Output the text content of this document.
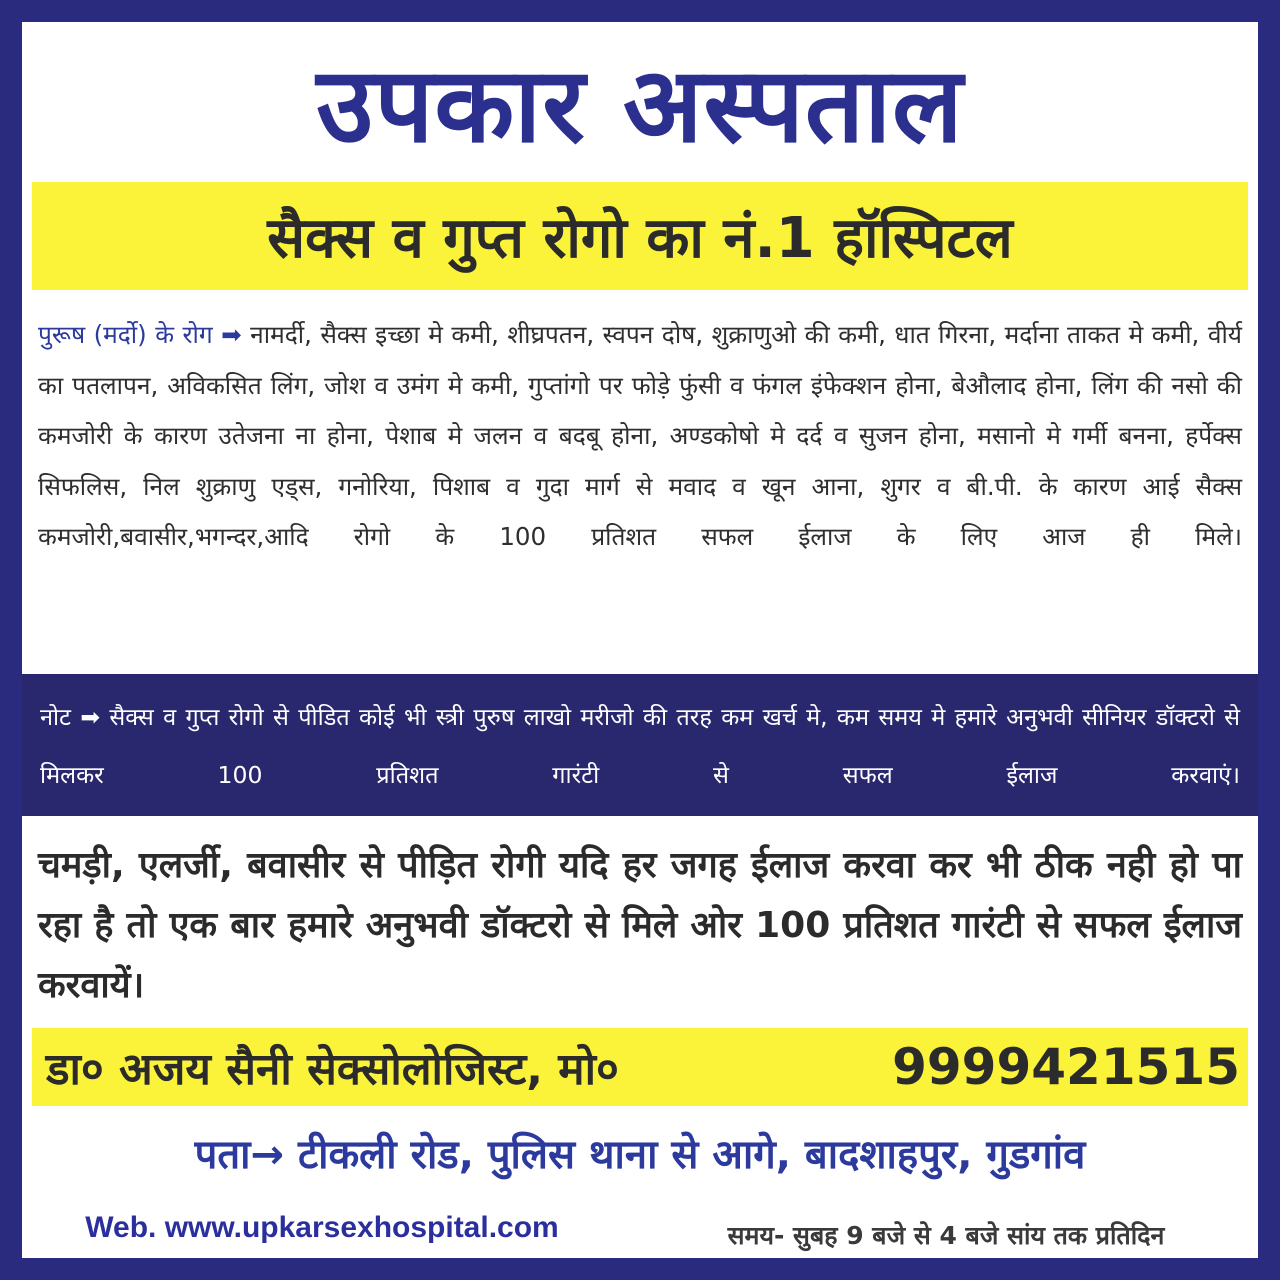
उपकार अस्पताल
सैक्स व गुप्त रोगो का नं.1 हॉस्पिटल
पुरूष (मर्दो) के रोग ➡ नामर्दी, सैक्स इच्छा मे कमी, शीघ्रपतन, स्वपन दोष, शुक्राणुओ की कमी, धात गिरना, मर्दाना ताकत मे कमी, वीर्य का पतलापन, अविकसित लिंग, जोश व उमंग मे कमी, गुप्तांगो पर फोड़े फुंसी व फंगल इंफेक्शन होना, बेऔलाद होना, लिंग की नसो की कमजोरी के कारण उतेजना ना होना, पेशाब मे जलन व बदबू होना, अण्डकोषो मे दर्द व सुजन होना, मसानो मे गर्मी बनना, हर्पेक्स सिफलिस, निल शुक्राणु एड्स, गनोरिया, पिशाब व गुदा मार्ग से मवाद व खून आना, शुगर व बी.पी. के कारण आई सैक्स कमजोरी,बवासीर,भगन्दर,आदि रोगो के 100 प्रतिशत सफल ईलाज के लिए आज ही मिले।
नोट ➡ सैक्स व गुप्त रोगो से पीडित कोई भी स्त्री पुरुष लाखो मरीजो की तरह कम खर्च मे, कम समय मे हमारे अनुभवी सीनियर डॉक्टरो से मिलकर 100 प्रतिशत गारंटी से सफल ईलाज करवाएं।
चमड़ी, एलर्जी, बवासीर से पीड़ित रोगी यदि हर जगह ईलाज करवा कर भी ठीक नही हो पा रहा है तो एक बार हमारे अनुभवी डॉक्टरो से मिले ओर 100 प्रतिशत गारंटी से सफल ईलाज करवायें।
डा० अजय सैनी सेक्सोलोजिस्ट, मो०	9999421515
पता→ टीकली रोड, पुलिस थाना से आगे, बादशाहपुर, गुडगांव
Web. www.upkarsexhospital.com	समय- सुबह 9 बजे से 4 बजे सांय तक प्रतिदिन
